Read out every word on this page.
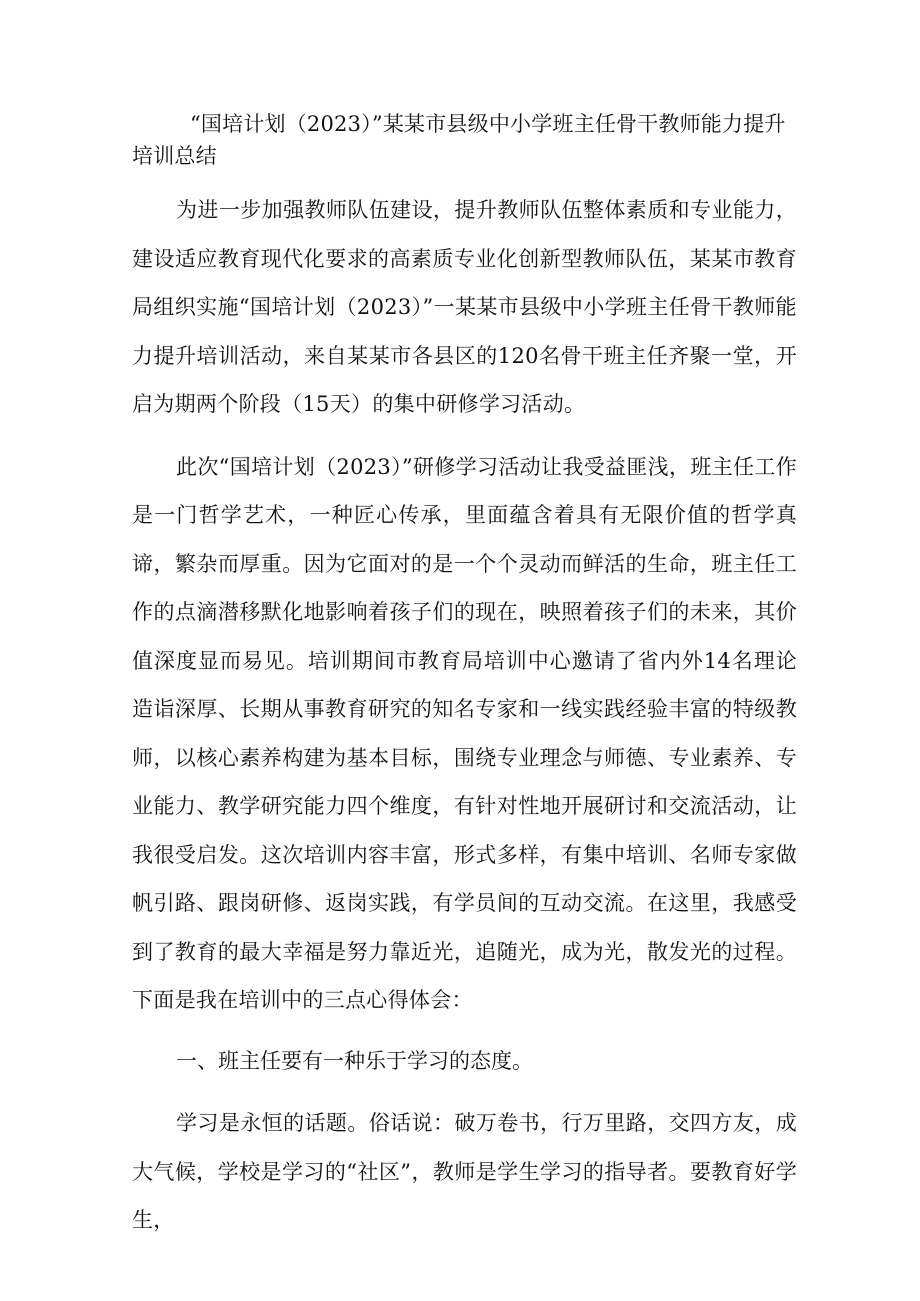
“国培计划（2023）”某某市县级中小学班主任骨干教师能力提升培训总结

为进一步加强教师队伍建设，提升教师队伍整体素质和专业能力，建设适应教育现代化要求的高素质专业化创新型教师队伍，某某市教育局组织实施“国培计划（2023）”一某某市县级中小学班主任骨干教师能力提升培训活动，来自某某市各县区的120名骨干班主任齐聚一堂，开启为期两个阶段（15天）的集中研修学习活动。

此次“国培计划（2023）”研修学习活动让我受益匪浅，班主任工作是一门哲学艺术，一种匠心传承，里面蕴含着具有无限价值的哲学真谛，繁杂而厚重。因为它面对的是一个个灵动而鲜活的生命，班主任工作的点滴潜移默化地影响着孩子们的现在，映照着孩子们的未来，其价值深度显而易见。培训期间市教育局培训中心邀请了省内外14名理论造诣深厚、长期从事教育研究的知名专家和一线实践经验丰富的特级教师，以核心素养构建为基本目标，围绕专业理念与师德、专业素养、专业能力、教学研究能力四个维度，有针对性地开展研讨和交流活动，让我很受启发。这次培训内容丰富，形式多样，有集中培训、名师专家做帆引路、跟岗研修、返岗实践，有学员间的互动交流。在这里，我感受到了教育的最大幸福是努力靠近光，追随光，成为光，散发光的过程。下面是我在培训中的三点心得体会：

一、班主任要有一种乐于学习的态度。

学习是永恒的话题。俗话说：破万卷书，行万里路，交四方友，成大气候，学校是学习的“社区”，教师是学生学习的指导者。要教育好学生，
